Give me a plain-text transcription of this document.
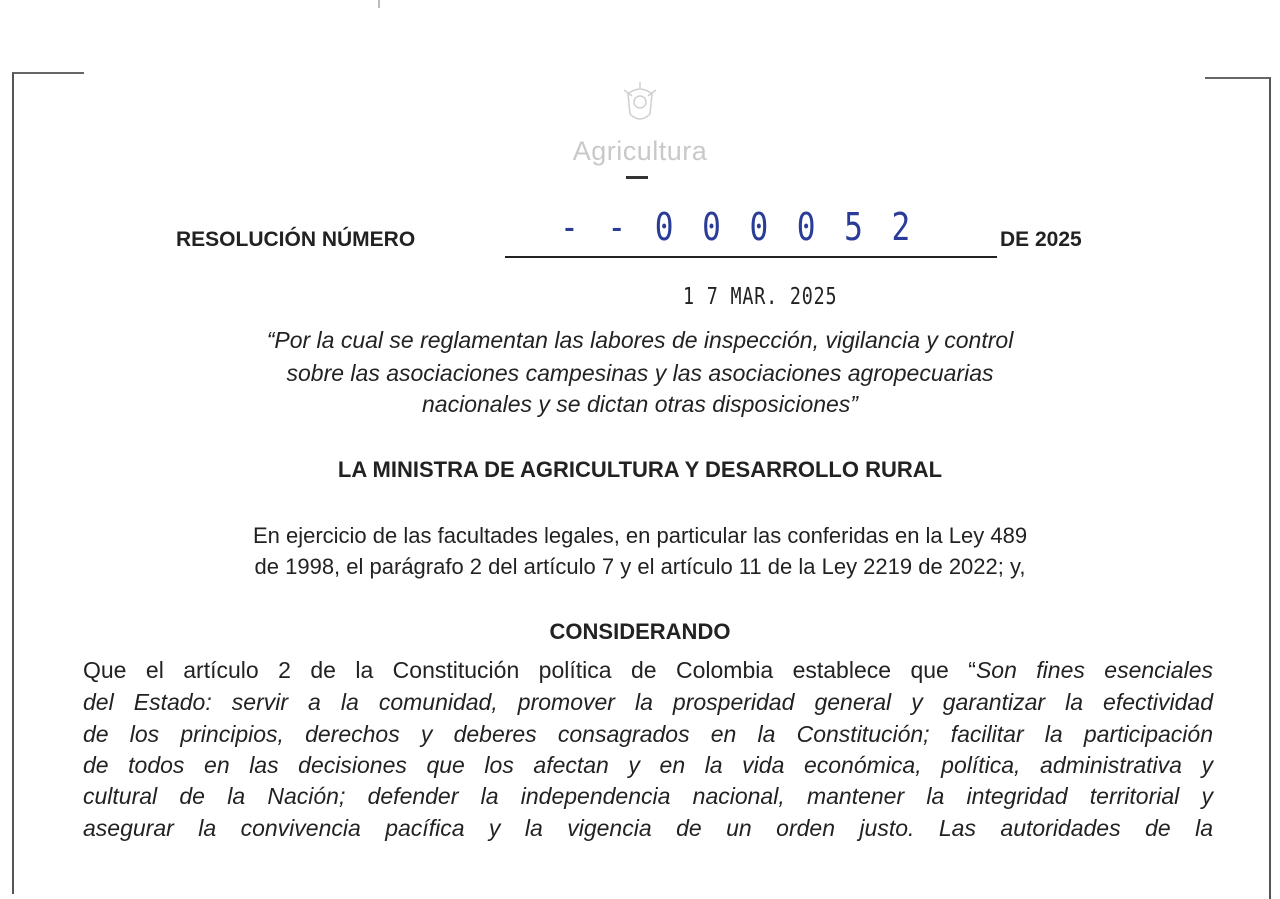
Agricultura
RESOLUCIÓN NÚMERO	- - 0 0 0 0 5 2	DE 2025
1 7 MAR. 2025
“Por la cual se reglamentan las labores de inspección, vigilancia y control
sobre las asociaciones campesinas y las asociaciones agropecuarias
nacionales y se dictan otras disposiciones”
LA MINISTRA DE AGRICULTURA Y DESARROLLO RURAL
En ejercicio de las facultades legales, en particular las conferidas en la Ley 489
de 1998, el parágrafo 2 del artículo 7 y el artículo 11 de la Ley 2219 de 2022; y,
CONSIDERANDO
Que el artículo 2 de la Constitución política de Colombia establece que “Son fines esenciales
del Estado: servir a la comunidad, promover la prosperidad general y garantizar la efectividad
de los principios, derechos y deberes consagrados en la Constitución; facilitar la participación
de todos en las decisiones que los afectan y en la vida económica, política, administrativa y
cultural de la Nación; defender la independencia nacional, mantener la integridad territorial y
asegurar la convivencia pacífica y la vigencia de un orden justo. Las autoridades de la
